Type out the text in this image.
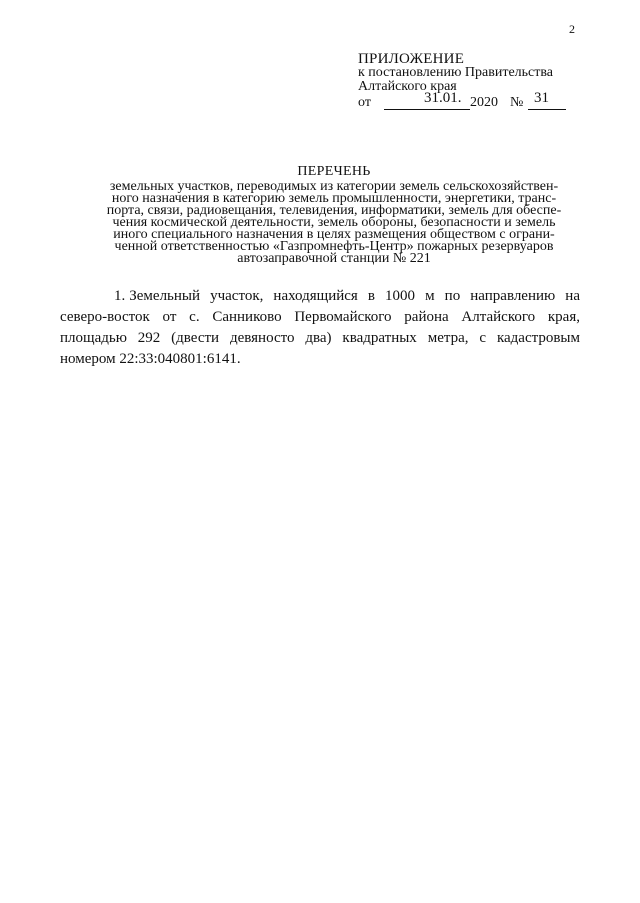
2
ПРИЛОЖЕНИЕ
к постановлению Правительства
Алтайского края
от	31.01. 2020 № 31
ПЕРЕЧЕНЬ
земельных участков, переводимых из категории земель сельскохозяйствен-
ного назначения в категорию земель промышленности, энергетики, транс-
порта, связи, радиовещания, телевидения, информатики, земель для обеспе-
чения космической деятельности, земель обороны, безопасности и земель
иного специального назначения в целях размещения обществом с ограни-
ченной ответственностью «Газпромнефть-Центр» пожарных резервуаров
автозаправочной станции № 221
1. Земельный участок, находящийся в 1000 м по направлению на северо-восток от с. Санниково Первомайского района Алтайского края, площадью 292 (двести девяносто два) квадратных метра, с кадастровым номером 22:33:040801:6141.
